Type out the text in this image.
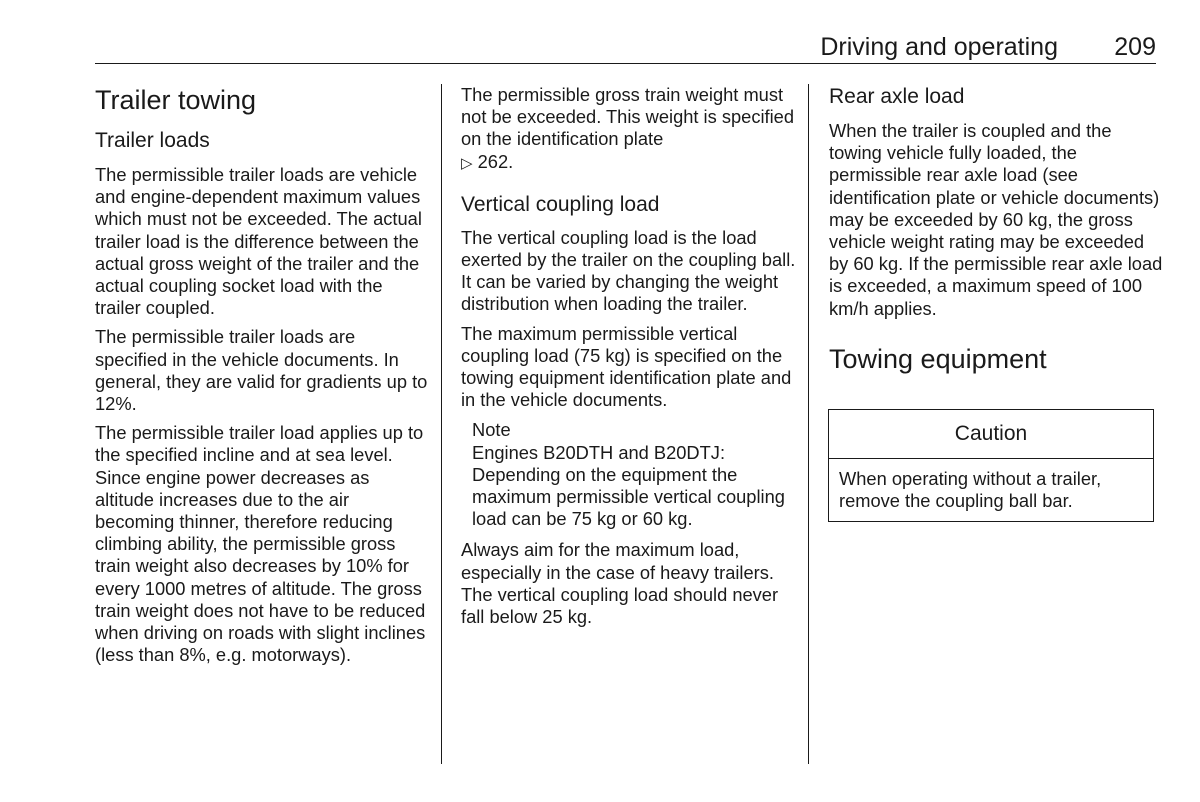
Driving and operating 209
Trailer towing
Trailer loads

The permissible trailer loads are vehicle and engine-dependent maximum values which must not be exceeded. The actual trailer load is the difference between the actual gross weight of the trailer and the actual coupling socket load with the trailer coupled.

The permissible trailer loads are specified in the vehicle documents. In general, they are valid for gradients up to 12%.

The permissible trailer load applies up to the specified incline and at sea level. Since engine power decreases as altitude increases due to the air becoming thinner, therefore reducing climbing ability, the permissible gross train weight also decreases by 10% for every 1000 metres of altitude. The gross train weight does not have to be reduced when driving on roads with slight inclines (less than 8%, e.g. motorways).

The permissible gross train weight must not be exceeded. This weight is specified on the identification plate
▷ 262.

Vertical coupling load

The vertical coupling load is the load exerted by the trailer on the coupling ball. It can be varied by changing the weight distribution when loading the trailer.

The maximum permissible vertical coupling load (75 kg) is specified on the towing equipment identification plate and in the vehicle documents.

Note

Engines B20DTH and B20DTJ: Depending on the equipment the maximum permissible vertical coupling load can be 75 kg or 60 kg.

Always aim for the maximum load, especially in the case of heavy trailers. The vertical coupling load should never fall below 25 kg.

Rear axle load

When the trailer is coupled and the towing vehicle fully loaded, the permissible rear axle load (see identification plate or vehicle documents) may be exceeded by 60 kg, the gross vehicle weight rating may be exceeded by 60 kg. If the permissible rear axle load is exceeded, a maximum speed of 100 km/h applies.

Towing equipment
Caution
When operating without a trailer, remove the coupling ball bar.
